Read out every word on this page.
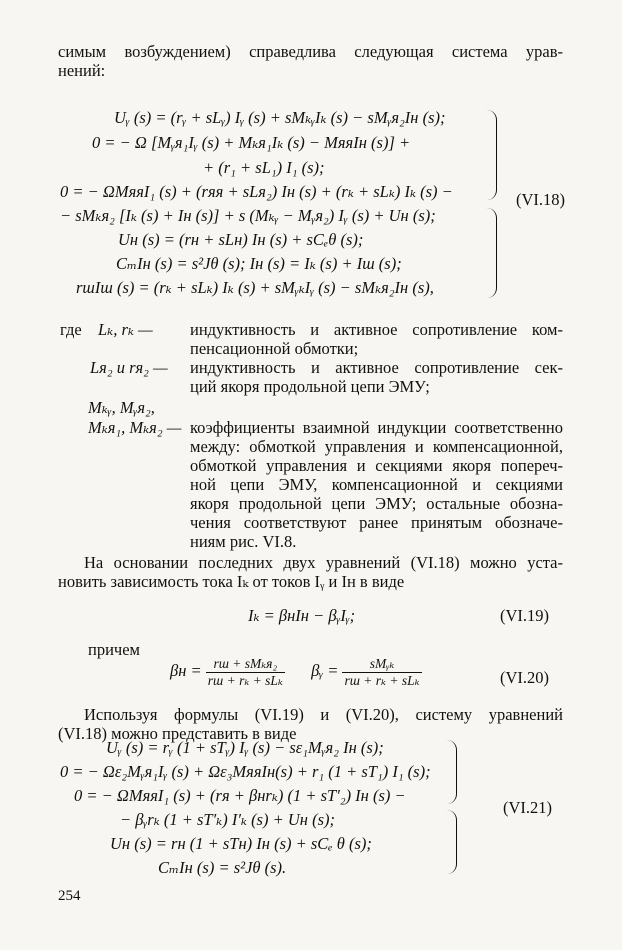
симым возбуждением) справедлива следующая система урав-
нений:
Uᵧ (s) = (rᵧ + sLᵧ) Iᵧ (s) + sMₖᵧIₖ (s) − sMᵧя₂Iн (s);
0 = − Ω [Mᵧя₁Iᵧ (s) + Mₖя₁Iₖ (s) − MяяIн (s)] +
+ (r₁ + sL₁) I₁ (s);
0 = − ΩMяяI₁ (s) + (rяя + sLя₂) Iн (s) + (rₖ + sLₖ) Iₖ (s) −
− sMₖя₂ [Iₖ (s) + Iн (s)] + s (Mₖᵧ − Mᵧя₂) Iᵧ (s) + Uн (s);
Uн (s) = (rн + sLн) Iн (s) + sCₑθ (s);
CₘIн (s) = s²Jθ (s); Iн (s) = Iₖ (s) + Iш (s);
rшIш (s) = (rₖ + sLₖ) Iₖ (s) + sMᵧₖIᵧ (s) − sMₖя₂Iн (s),
(VI.18)
где Lₖ, rₖ — индуктивность и активное сопротивление ком-
пенсационной обмотки;
Lя₂ и rя₂ — индуктивность и активное сопротивление сек-
ций якоря продольной цепи ЭМУ;
Mₖᵧ, Mᵧя₂,
Mₖя₁, Mₖя₂ — коэффициенты взаимной индукции соответственно
между: обмоткой управления и компенсационной,
обмоткой управления и секциями якоря попереч-
ной цепи ЭМУ, компенсационной и секциями
якоря продольной цепи ЭМУ; остальные обозна-
чения соответствуют ранее принятым обозначе-
ниям рис. VI.8.
На основании последних двух уравнений (VI.18) можно уста-
новить зависимость тока Iₖ от токов Iᵧ и Iн в виде
Iₖ = βнIн − βᵧIᵧ;	(VI.19)
причем
$\beta н = \frac{\text{rш + sMₖя₂}}{\text{rш + rₖ + sLₖ}}$ βᵧ = $\frac{\text{sMᵧₖ}}{\text{rш + rₖ + sLₖ}}$	(VI.20)
Используя формулы (VI.19) и (VI.20), систему уравнений
(VI.18) можно представить в виде
Uᵧ (s) = rᵧ (1 + sTᵧ) Iᵧ (s) − sε₁Mᵧя₂ Iн (s);
0 = − Ωε₂Mᵧя₁Iᵧ (s) + Ωε₃MяяIн(s) + r₁ (1 + sT₁) I₁ (s);
0 = − ΩMяяI₁ (s) + (rя + βнrₖ) (1 + sT′₂) Iн (s) −
− βᵧrₖ (1 + sT′ₖ) I′ₖ (s) + Uн (s);
Uн (s) = rн (1 + sTн) Iн (s) + sCₑ θ (s);
CₘIн (s) = s²Jθ (s).
(VI.21)
254
